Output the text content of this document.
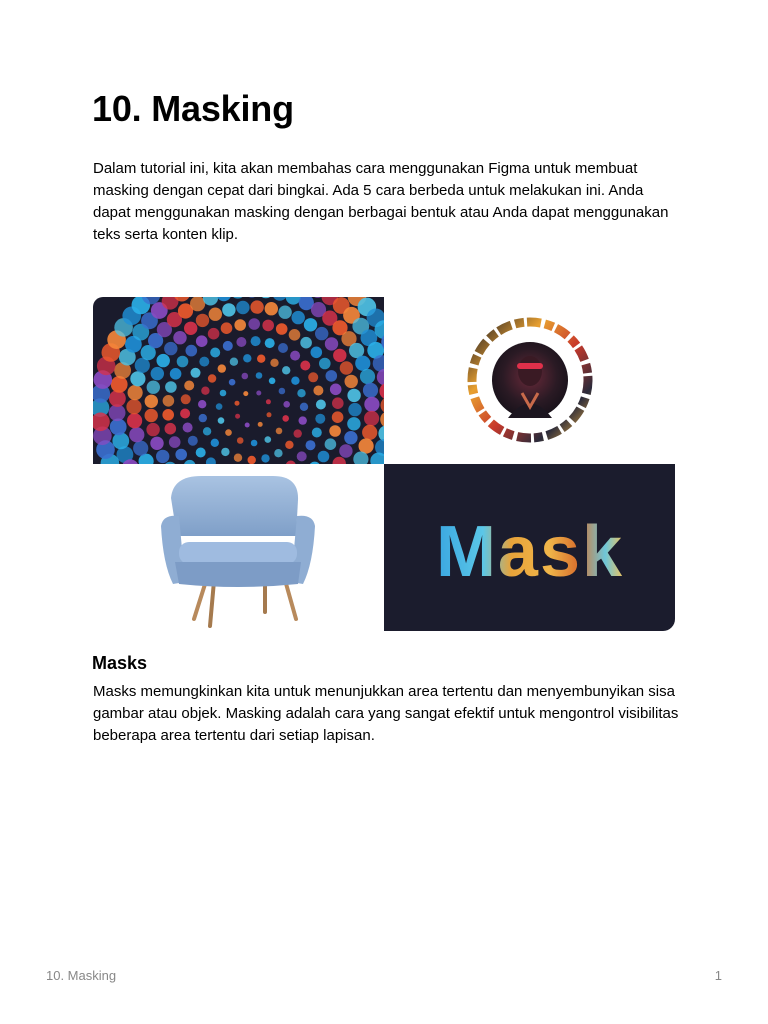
10. Masking

Dalam tutorial ini, kita akan membahas cara menggunakan Figma untuk membuat masking dengan cepat dari bingkai. Ada 5 cara berbeda untuk melakukan ini. Anda dapat menggunakan masking dengan berbagai bentuk atau Anda dapat menggunakan teks serta konten klip.

Mask
Masks

Masks memungkinkan kita untuk menunjukkan area tertentu dan menyembunyikan sisa gambar atau objek. Masking adalah cara yang sangat efektif untuk mengontrol visibilitas beberapa area tertentu dari setiap lapisan.

10. Masking	1
